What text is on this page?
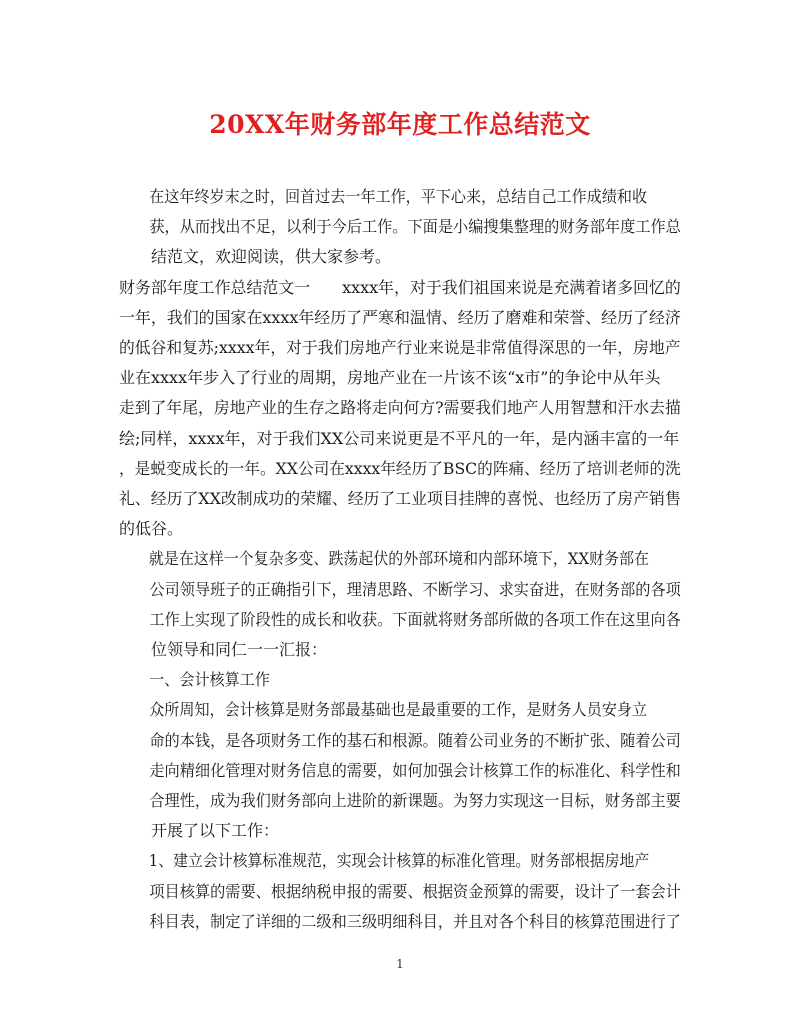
20XX年财务部年度工作总结范文

在这年终岁末之时，回首过去一年工作，平下心来，总结自己工作成绩和收
获，从而找出不足，以利于今后工作。下面是小编搜集整理的财务部年度工作总
结范文，欢迎阅读，供大家参考。

财务部年度工作总结范文一　　xxxx年，对于我们祖国来说是充满着诸多回忆的
一年，我们的国家在xxxx年经历了严寒和温情、经历了磨难和荣誉、经历了经济
的低谷和复苏;xxxx年，对于我们房地产行业来说是非常值得深思的一年，房地产
业在xxxx年步入了行业的周期，房地产业在一片该不该“x市”的争论中从年头
走到了年尾，房地产业的生存之路将走向何方?需要我们地产人用智慧和汗水去描
绘;同样，xxxx年，对于我们XX公司来说更是不平凡的一年，是内涵丰富的一年
，是蜕变成长的一年。XX公司在xxxx年经历了BSC的阵痛、经历了培训老师的洗
礼、经历了XX改制成功的荣耀、经历了工业项目挂牌的喜悦、也经历了房产销售
的低谷。

就是在这样一个复杂多变、跌荡起伏的外部环境和内部环境下，XX财务部在
公司领导班子的正确指引下，理清思路、不断学习、求实奋进，在财务部的各项
工作上实现了阶段性的成长和收获。下面就将财务部所做的各项工作在这里向各
位领导和同仁一一汇报：

一、会计核算工作

众所周知，会计核算是财务部最基础也是最重要的工作，是财务人员安身立
命的本钱，是各项财务工作的基石和根源。随着公司业务的不断扩张、随着公司
走向精细化管理对财务信息的需要，如何加强会计核算工作的标准化、科学性和
合理性，成为我们财务部向上进阶的新课题。为努力实现这一目标，财务部主要
开展了以下工作：

1、建立会计核算标准规范，实现会计核算的标准化管理。财务部根据房地产
项目核算的需要、根据纳税申报的需要、根据资金预算的需要，设计了一套会计
科目表，制定了详细的二级和三级明细科目，并且对各个科目的核算范围进行了

1
